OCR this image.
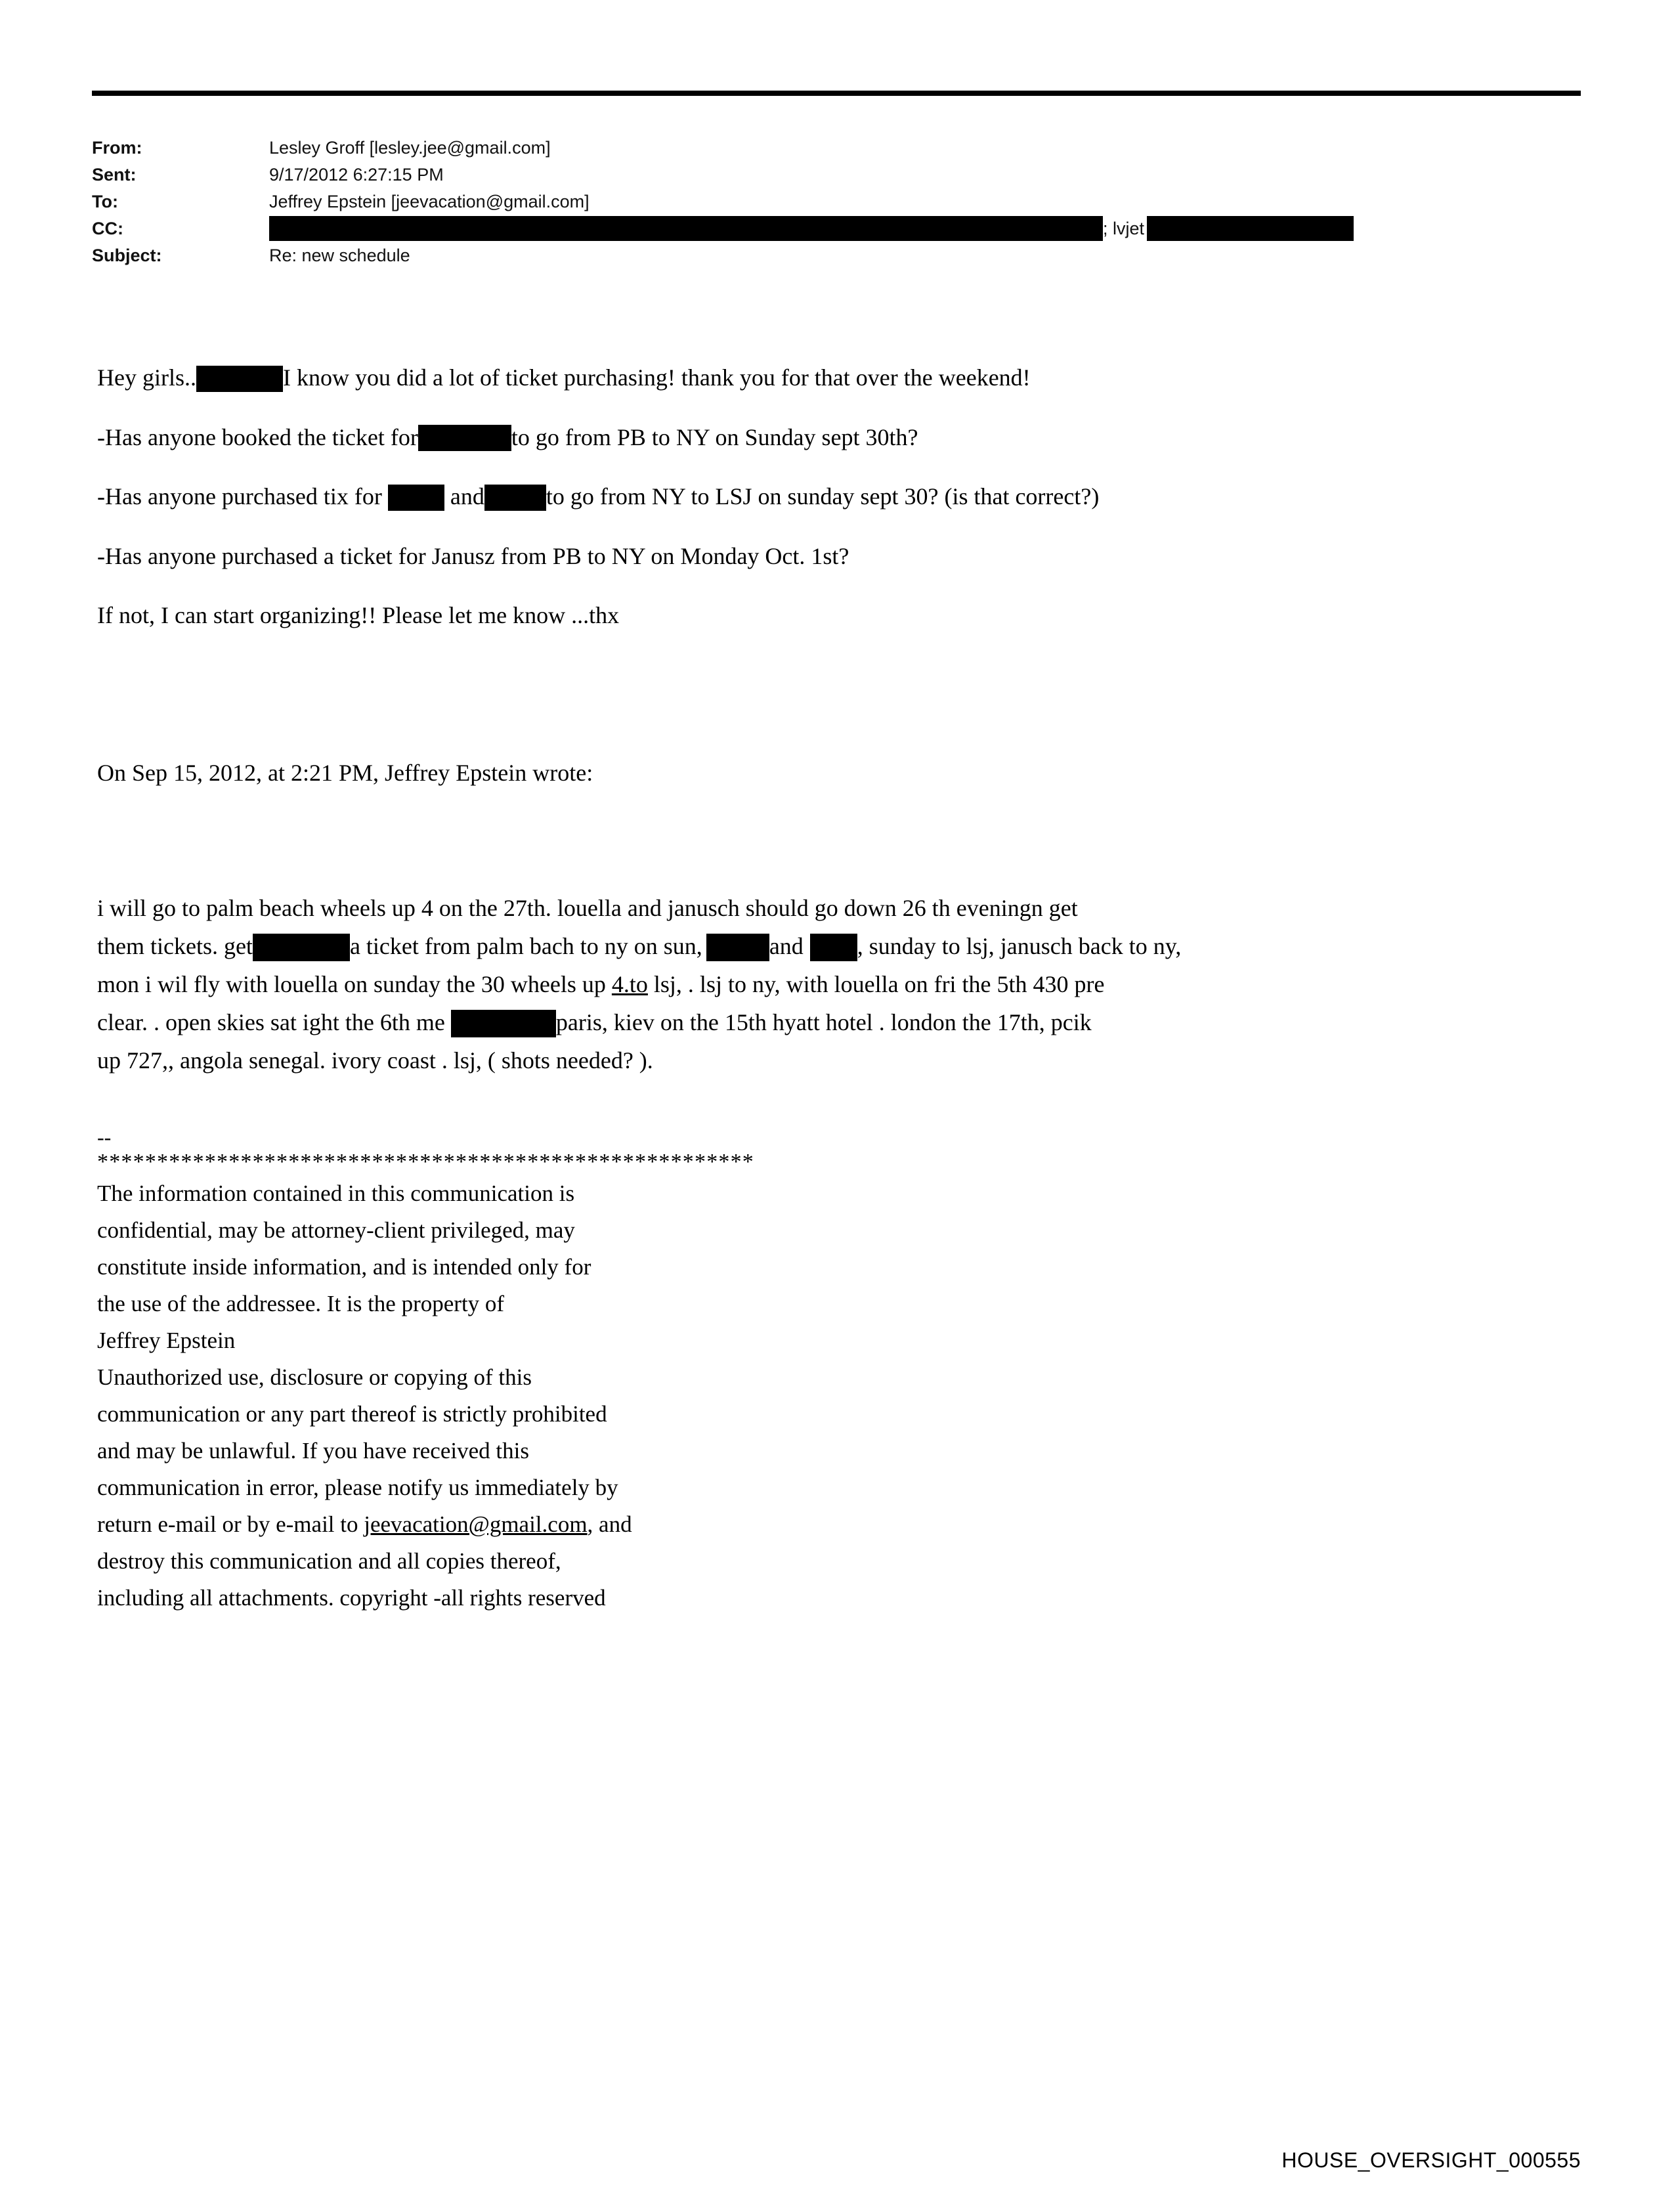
From:	Lesley Groff [lesley.jee@gmail.com]
Sent:	9/17/2012 6:27:15 PM
To:	Jeffrey Epstein [jeevacation@gmail.com]
CC:	; lvjet
Subject:	Re: new schedule

Hey girls..	I know you did a lot of ticket purchasing! thank you for that over the weekend!

-Has anyone booked the ticket for	to go from PB to NY on Sunday sept 30th?

-Has anyone purchased tix for  and	to go from NY to LSJ on sunday sept 30? (is that correct?)

-Has anyone purchased a ticket for Janusz from PB to NY on Monday Oct. 1st?

If not, I can start organizing!! Please let me know ...thx

On Sep 15, 2012, at 2:21 PM, Jeffrey Epstein wrote:

i will go to palm beach wheels up 4 on the 27th. louella and janusch should go down 26 th eveningn get
them tickets. get	a ticket from palm bach to ny on sun,	and , sunday to lsj, janusch back to ny,
mon i wil fly with louella on sunday the 30 wheels up 4.to lsj, . lsj to ny, with louella on fri the 5th 430 pre
clear. . open skies sat ight the 6th me	paris, kiev on the 15th hyatt hotel . london the 17th, pcik
up 727,, angola senegal. ivory coast . lsj, ( shots needed? ).
--
*******************************************************
The information contained in this communication is
confidential, may be attorney-client privileged, may
constitute inside information, and is intended only for
the use of the addressee. It is the property of
Jeffrey Epstein
Unauthorized use, disclosure or copying of this
communication or any part thereof is strictly prohibited
and may be unlawful. If you have received this
communication in error, please notify us immediately by
return e-mail or by e-mail to jeevacation@gmail.com, and
destroy this communication and all copies thereof,
including all attachments. copyright -all rights reserved
HOUSE_OVERSIGHT_000555
